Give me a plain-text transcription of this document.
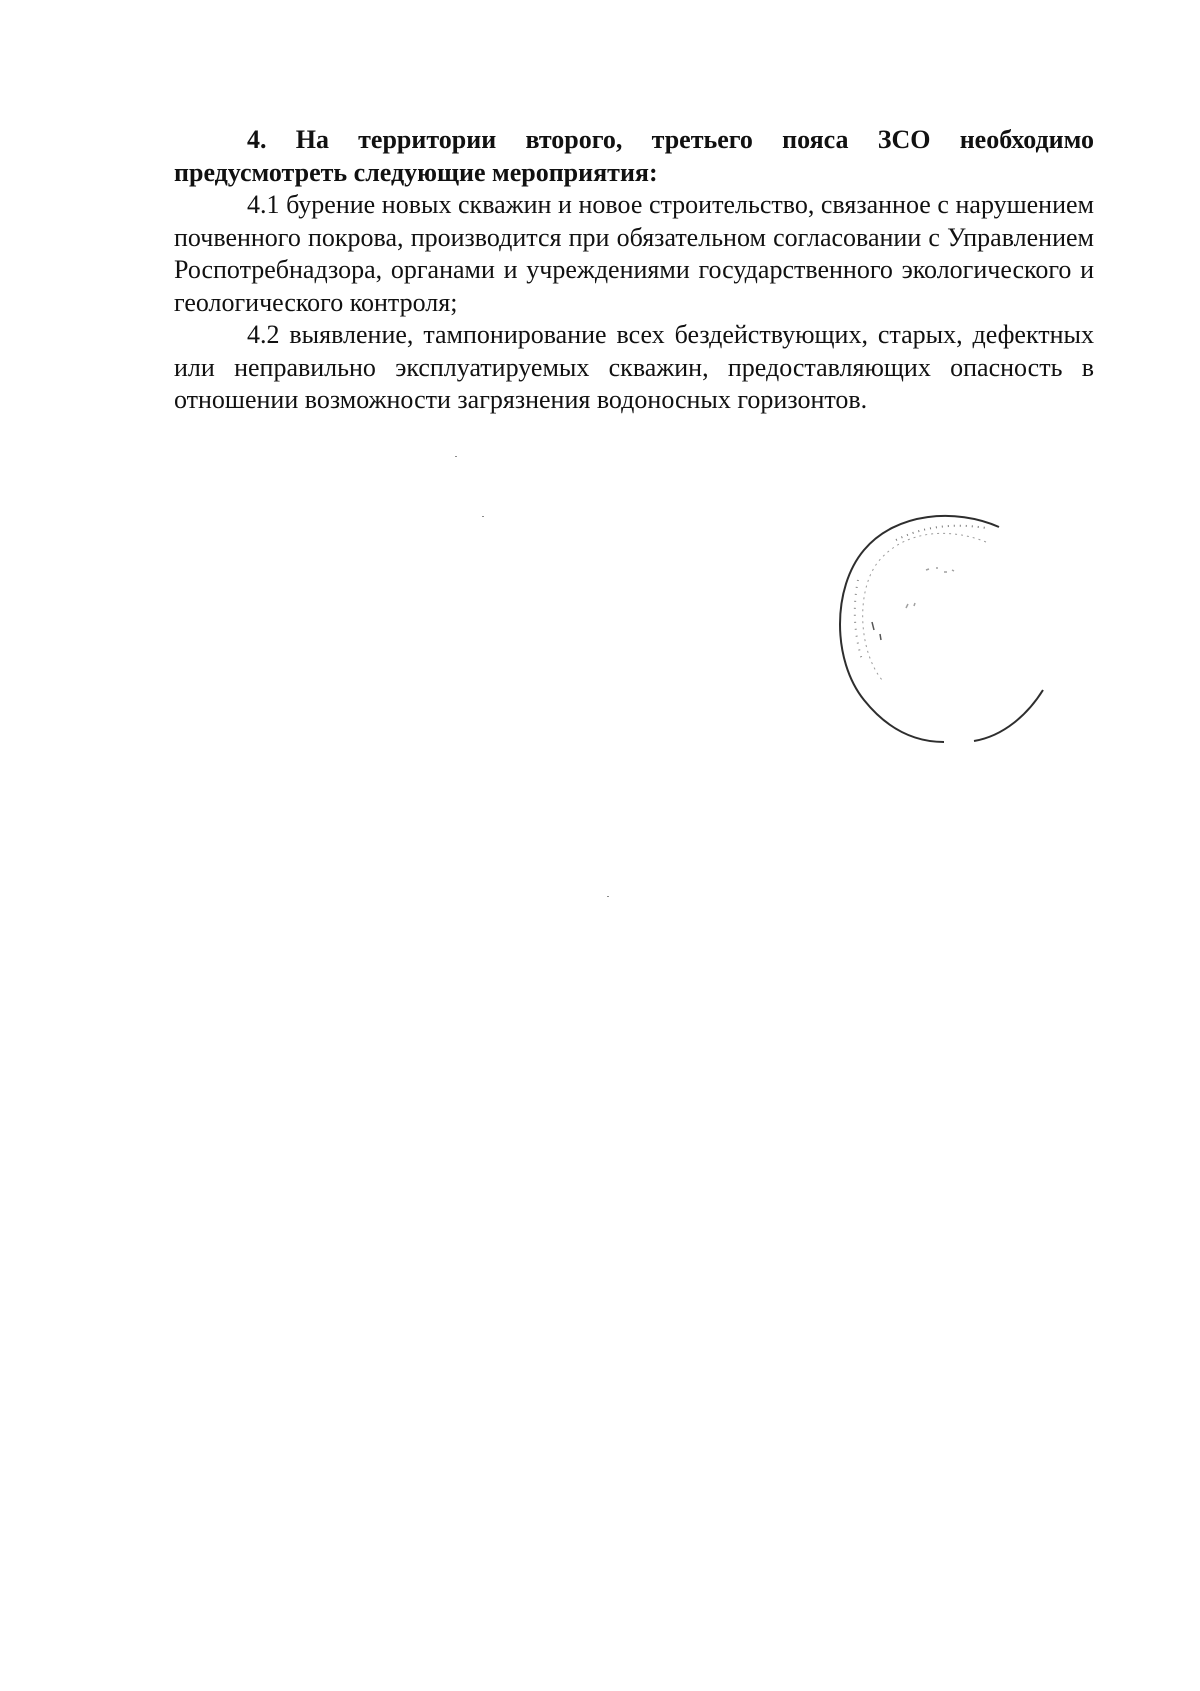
4. На территории второго, третьего пояса ЗСО необходимо предусмотреть следующие мероприятия:

4.1 бурение новых скважин и новое строительство, связанное с нарушением почвенного покрова, производится при обязательном согласовании с Управлением Роспотребнадзора, органами и учреждениями государственного экологического и геологического контроля;

4.2 выявление, тампонирование всех бездействующих, старых, дефектных или неправильно эксплуатируемых скважин, предоставляющих опасность в отношении возможности загрязнения водоносных горизонтов.
